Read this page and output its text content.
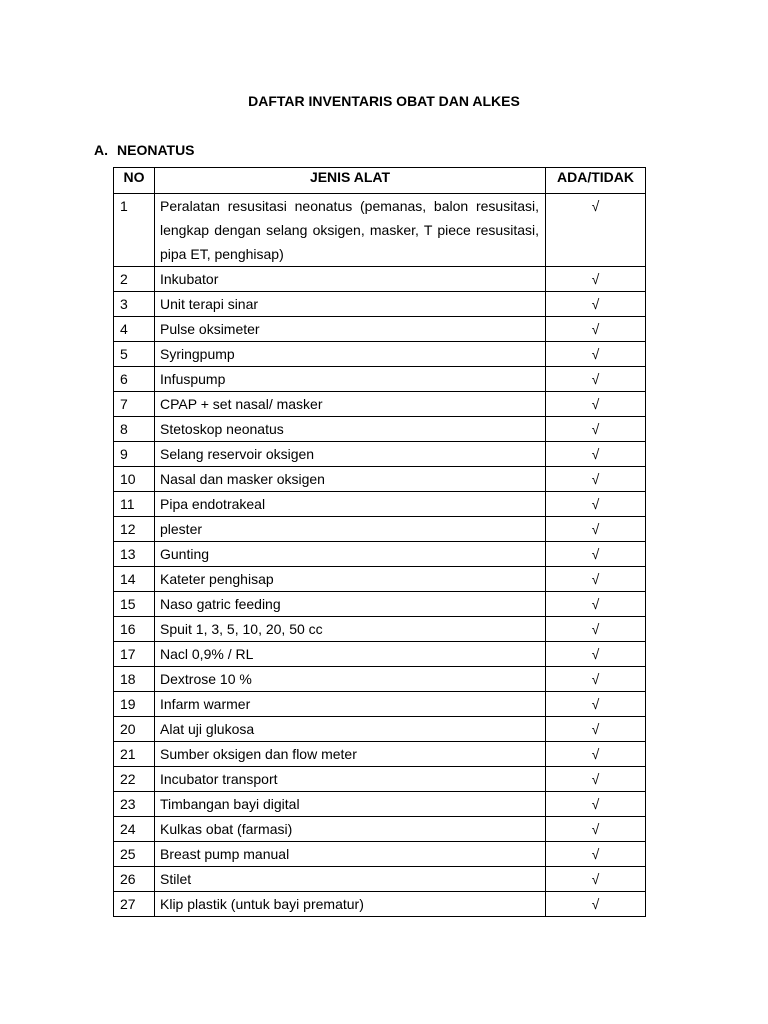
DAFTAR INVENTARIS OBAT DAN ALKES
A. NEONATUS
NO	JENIS ALAT	ADA/TIDAK
1	Peralatan resusitasi neonatus (pemanas, balon resusitasi, lengkap dengan selang oksigen, masker, T piece resusitasi, pipa ET, penghisap)	√
2	Inkubator	√
3	Unit terapi sinar	√
4	Pulse oksimeter	√
5	Syringpump	√
6	Infuspump	√
7	CPAP + set nasal/ masker	√
8	Stetoskop neonatus	√
9	Selang reservoir oksigen	√
10	Nasal dan masker oksigen	√
11	Pipa endotrakeal	√
12	plester	√
13	Gunting	√
14	Kateter penghisap	√
15	Naso gatric feeding	√
16	Spuit 1, 3, 5, 10, 20, 50 cc	√
17	Nacl 0,9% / RL	√
18	Dextrose 10 %	√
19	Infarm warmer	√
20	Alat uji glukosa	√
21	Sumber oksigen dan flow meter	√
22	Incubator transport	√
23	Timbangan bayi digital	√
24	Kulkas obat (farmasi)	√
25	Breast pump manual	√
26	Stilet	√
27	Klip plastik (untuk bayi prematur)	√
